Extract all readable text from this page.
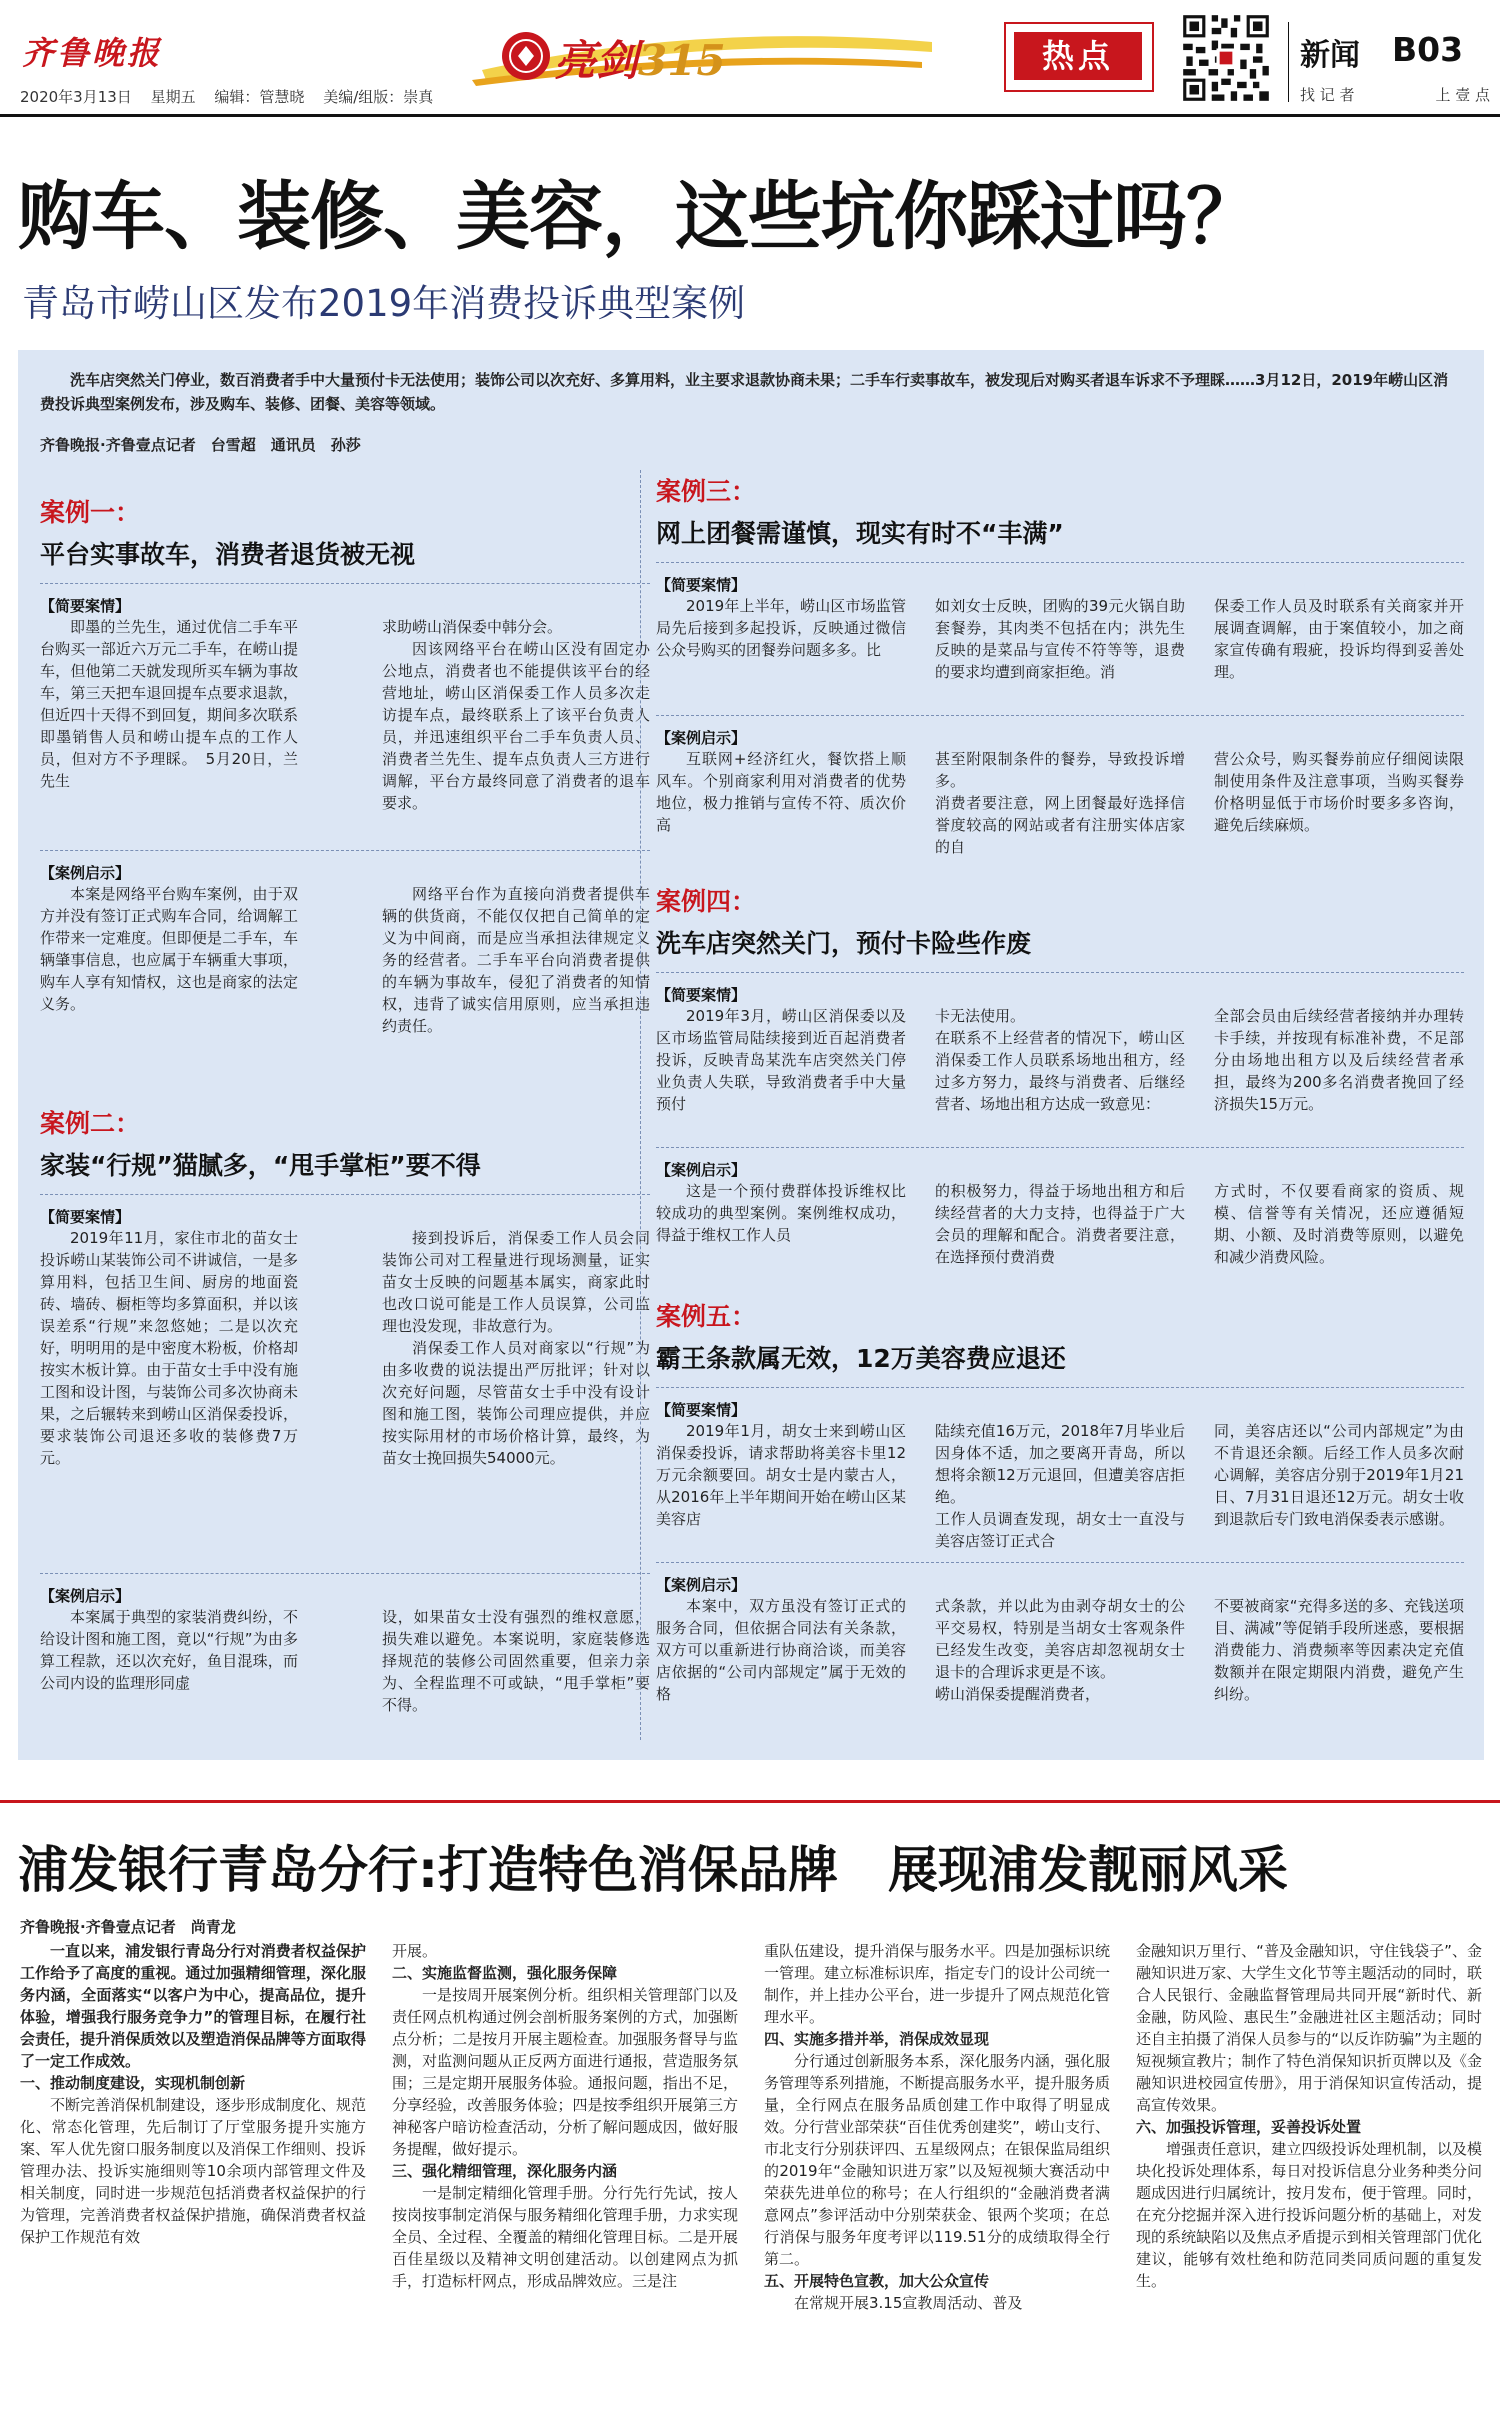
齐鲁晚报
2020年3月13日 星期五 编辑：管慧晓 美编/组版：崇真
亮剑315	热点	新闻 B03
找 记 者	上 壹 点
购车、装修、美容，这些坑你踩过吗？
青岛市崂山区发布2019年消费投诉典型案例
洗车店突然关门停业，数百消费者手中大量预付卡无法使用；装饰公司以次充好、多算用料，业主要求退款协商未果；二手车行卖事故车，被发现后对购买者退车诉求不予理睬……3月12日，2019年崂山区消费投诉典型案例发布，涉及购车、装修、团餐、美容等领域。
齐鲁晚报·齐鲁壹点记者　台雪超　通讯员　孙莎
案例一：
平台实事故车，消费者退货被无视
【简要案情】

即墨的兰先生，通过优信二手车平台购买一部近六万元二手车，在崂山提车，但他第二天就发现所买车辆为事故车，第三天把车退回提车点要求退款，但近四十天得不到回复，期间多次联系即墨销售人员和崂山提车点的工作人员，但对方不予理睬。　5月20日，兰先生

求助崂山消保委中韩分会。

因该网络平台在崂山区没有固定办公地点，消费者也不能提供该平台的经营地址，崂山区消保委工作人员多次走访提车点，最终联系上了该平台负责人员，并迅速组织平台二手车负责人员、消费者兰先生、提车点负责人三方进行调解，平台方最终同意了消费者的退车要求。

【案例启示】

本案是网络平台购车案例，由于双方并没有签订正式购车合同，给调解工作带来一定难度。但即便是二手车，车辆肇事信息，也应属于车辆重大事项，购车人享有知情权，这也是商家的法定义务。

网络平台作为直接向消费者提供车辆的供货商，不能仅仅把自己简单的定义为中间商，而是应当承担法律规定义务的经营者。二手车平台向消费者提供的车辆为事故车，侵犯了消费者的知情权，违背了诚实信用原则，应当承担违约责任。

案例二：
家装“行规”猫腻多，“甩手掌柜”要不得
【简要案情】

2019年11月，家住市北的苗女士投诉崂山某装饰公司不讲诚信，一是多算用料，包括卫生间、厨房的地面瓷砖、墙砖、橱柜等均多算面积，并以该误差系“行规”来忽悠她；二是以次充好，明明用的是中密度木粉板，价格却按实木板计算。由于苗女士手中没有施工图和设计图，与装饰公司多次协商未果，之后辗转来到崂山区消保委投诉，要求装饰公司退还多收的装修费7万元。

接到投诉后，消保委工作人员会同装饰公司对工程量进行现场测量，证实苗女士反映的问题基本属实，商家此时也改口说可能是工作人员误算，公司监理也没发现，非故意行为。

消保委工作人员对商家以“行规”为由多收费的说法提出严厉批评；针对以次充好问题，尽管苗女士手中没有设计图和施工图，装饰公司理应提供，并应按实际用材的市场价格计算，最终，为苗女士挽回损失54000元。

【案例启示】

本案属于典型的家装消费纠纷，不给设计图和施工图，竟以“行规”为由多算工程款，还以次充好，鱼目混珠，而公司内设的监理形同虚

设，如果苗女士没有强烈的维权意愿，损失难以避免。本案说明，家庭装修选择规范的装修公司固然重要，但亲力亲为、全程监理不可或缺，“甩手掌柜”要不得。

案例三：
网上团餐需谨慎，现实有时不“丰满”
【简要案情】

2019年上半年，崂山区市场监管局先后接到多起投诉，反映通过微信公众号购买的团餐券问题多多。比

如刘女士反映，团购的39元火锅自助套餐券，其肉类不包括在内；洪先生反映的是菜品与宣传不符等等，退费的要求均遭到商家拒绝。消

保委工作人员及时联系有关商家并开展调查调解，由于案值较小，加之商家宣传确有瑕疵，投诉均得到妥善处理。

【案例启示】

互联网+经济红火，餐饮搭上顺风车。个别商家利用对消费者的优势地位，极力推销与宣传不符、质次价高

甚至附限制条件的餐券，导致投诉增多。
消费者要注意，网上团餐最好选择信誉度较高的网站或者有注册实体店家的自

营公众号，购买餐券前应仔细阅读限制使用条件及注意事项，当购买餐券价格明显低于市场价时要多多咨询，避免后续麻烦。

案例四：
洗车店突然关门，预付卡险些作废
【简要案情】

2019年3月，崂山区消保委以及区市场监管局陆续接到近百起消费者投诉，反映青岛某洗车店突然关门停业负责人失联，导致消费者手中大量预付

卡无法使用。
在联系不上经营者的情况下，崂山区消保委工作人员联系场地出租方，经过多方努力，最终与消费者、后继经营者、场地出租方达成一致意见：

全部会员由后续经营者接纳并办理转卡手续，并按现有标准补费，不足部分由场地出租方以及后续经营者承担，最终为200多名消费者挽回了经济损失15万元。

【案例启示】

这是一个预付费群体投诉维权比较成功的典型案例。案例维权成功，得益于维权工作人员

的积极努力，得益于场地出租方和后续经营者的大力支持，也得益于广大会员的理解和配合。消费者要注意，在选择预付费消费

方式时，不仅要看商家的资质、规模、信誉等有关情况，还应遵循短期、小额、及时消费等原则，以避免和减少消费风险。

案例五：
霸王条款属无效，12万美容费应退还
【简要案情】

2019年1月，胡女士来到崂山区消保委投诉，请求帮助将美容卡里12万元余额要回。胡女士是内蒙古人，从2016年上半年期间开始在崂山区某美容店

陆续充值16万元，2018年7月毕业后因身体不适，加之要离开青岛，所以想将余额12万元退回，但遭美容店拒绝。
工作人员调查发现，胡女士一直没与美容店签订正式合

同，美容店还以“公司内部规定”为由不肯退还余额。后经工作人员多次耐心调解，美容店分别于2019年1月21日、7月31日退还12万元。胡女士收到退款后专门致电消保委表示感谢。

【案例启示】

本案中，双方虽没有签订正式的服务合同，但依据合同法有关条款，双方可以重新进行协商洽谈，而美容店依据的“公司内部规定”属于无效的格

式条款，并以此为由剥夺胡女士的公平交易权，特别是当胡女士客观条件已经发生改变，美容店却忽视胡女士退卡的合理诉求更是不该。
崂山消保委提醒消费者，

不要被商家“充得多送的多、充钱送项目、满减”等促销手段所迷惑，要根据消费能力、消费频率等因素决定充值数额并在限定期限内消费，避免产生纠纷。

浦发银行青岛分行:打造特色消保品牌　展现浦发靓丽风采
齐鲁晚报·齐鲁壹点记者　尚青龙

一直以来，浦发银行青岛分行对消费者权益保护工作给予了高度的重视。通过加强精细管理，深化服务内涵，全面落实“以客户为中心，提高品位，提升体验，增强我行服务竞争力”的管理目标，在履行社会责任，提升消保质效以及塑造消保品牌等方面取得了一定工作成效。

一、推动制度建设，实现机制创新

不断完善消保机制建设，逐步形成制度化、规范化、常态化管理，先后制订了厅堂服务提升实施方案、军人优先窗口服务制度以及消保工作细则、投诉管理办法、投诉实施细则等10余项内部管理文件及相关制度，同时进一步规范包括消费者权益保护的行为管理，完善消费者权益保护措施，确保消费者权益保护工作规范有效

开展。

二、实施监督监测，强化服务保障

一是按周开展案例分析。组织相关管理部门以及责任网点机构通过例会剖析服务案例的方式，加强断点分析；二是按月开展主题检查。加强服务督导与监测，对监测问题从正反两方面进行通报，营造服务氛围；三是定期开展服务体验。通报问题，指出不足，分享经验，改善服务体验；四是按季组织开展第三方神秘客户暗访检查活动，分析了解问题成因，做好服务提醒，做好提示。

三、强化精细管理，深化服务内涵

一是制定精细化管理手册。分行先行先试，按人按岗按事制定消保与服务精细化管理手册，力求实现全员、全过程、全覆盖的精细化管理目标。二是开展百佳星级以及精神文明创建活动。以创建网点为抓手，打造标杆网点，形成品牌效应。三是注

重队伍建设，提升消保与服务水平。四是加强标识统一管理。建立标准标识库，指定专门的设计公司统一制作，并上挂办公平台，进一步提升了网点规范化管理水平。

四、实施多措并举，消保成效显现

分行通过创新服务本系，深化服务内涵，强化服务管理等系列措施，不断提高服务水平，提升服务质量，全行网点在服务品质创建工作中取得了明显成效。分行营业部荣获“百佳优秀创建奖”，崂山支行、市北支行分别获评四、五星级网点；在银保监局组织的2019年“金融知识进万家”以及短视频大赛活动中荣获先进单位的称号；在人行组织的“金融消费者满意网点”参评活动中分别荣获金、银两个奖项；在总行消保与服务年度考评以119.51分的成绩取得全行第二。

五、开展特色宣教，加大公众宣传

在常规开展3.15宣教周活动、普及

金融知识万里行、“普及金融知识，守住钱袋子”、金融知识进万家、大学生文化节等主题活动的同时，联合人民银行、金融监督管理局共同开展“新时代、新金融，防风险、惠民生”金融进社区主题活动；同时还自主拍摄了消保人员参与的“以反诈防骗”为主题的短视频宣教片；制作了特色消保知识折页牌以及《金融知识进校园宣传册》，用于消保知识宣传活动，提高宣传效果。

六、加强投诉管理，妥善投诉处置

增强责任意识，建立四级投诉处理机制，以及模块化投诉处理体系，每日对投诉信息分业务种类分问题成因进行归属统计，按月发布，便于管理。同时，在充分挖掘并深入进行投诉问题分析的基础上，对发现的系统缺陷以及焦点矛盾提示到相关管理部门优化建议，能够有效杜绝和防范同类同质问题的重复发生。
